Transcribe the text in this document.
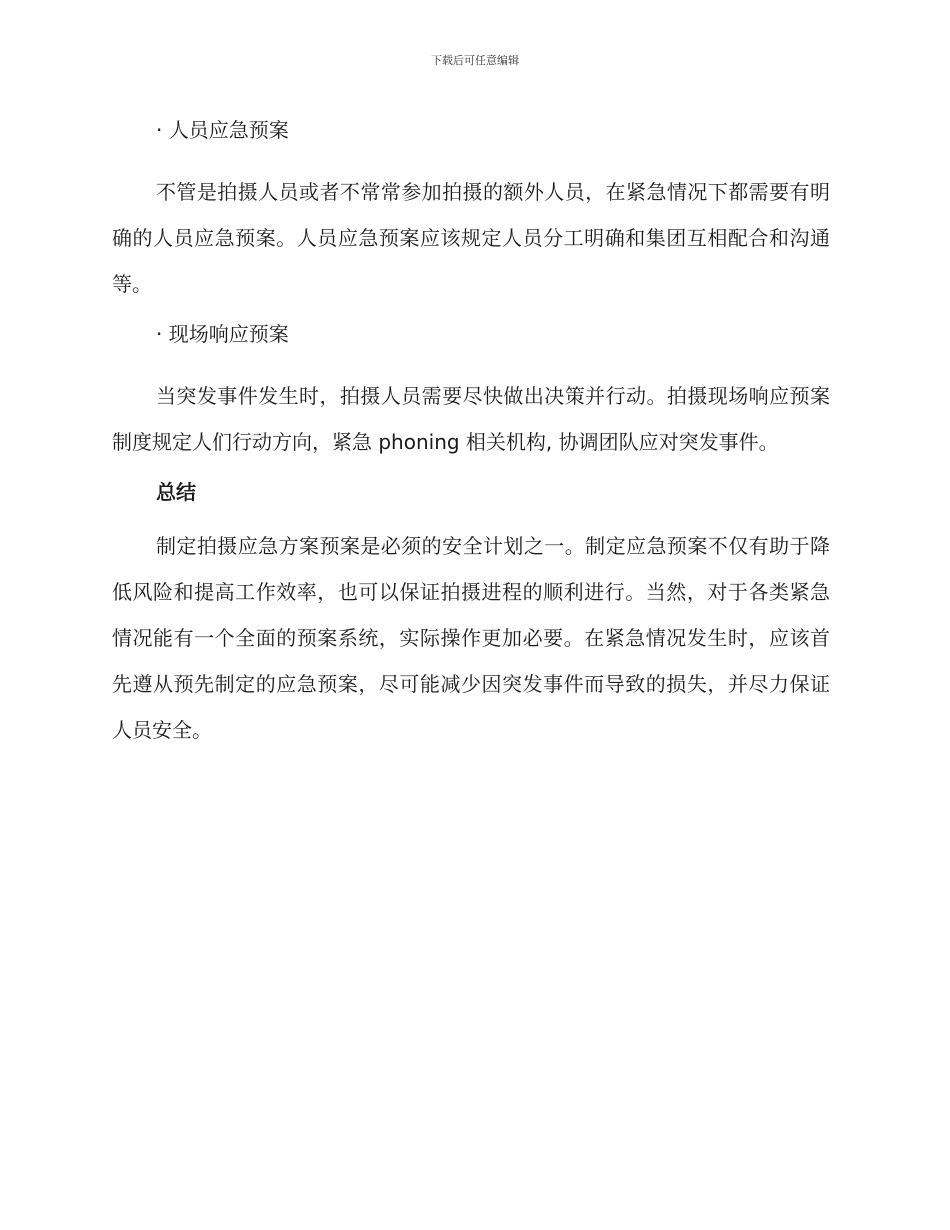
下载后可任意编辑
· 人员应急预案

不管是拍摄人员或者不常常参加拍摄的额外人员，在紧急情况下都需要有明确的人员应急预案。人员应急预案应该规定人员分工明确和集团互相配合和沟通等。

· 现场响应预案

当突发事件发生时，拍摄人员需要尽快做出决策并行动。拍摄现场响应预案制度规定人们行动方向，紧急 phoning 相关机构, 协调团队应对突发事件。

总结

制定拍摄应急方案预案是必须的安全计划之一。制定应急预案不仅有助于降低风险和提高工作效率，也可以保证拍摄进程的顺利进行。当然，对于各类紧急情况能有一个全面的预案系统，实际操作更加必要。在紧急情况发生时，应该首先遵从预先制定的应急预案，尽可能减少因突发事件而导致的损失，并尽力保证人员安全。
